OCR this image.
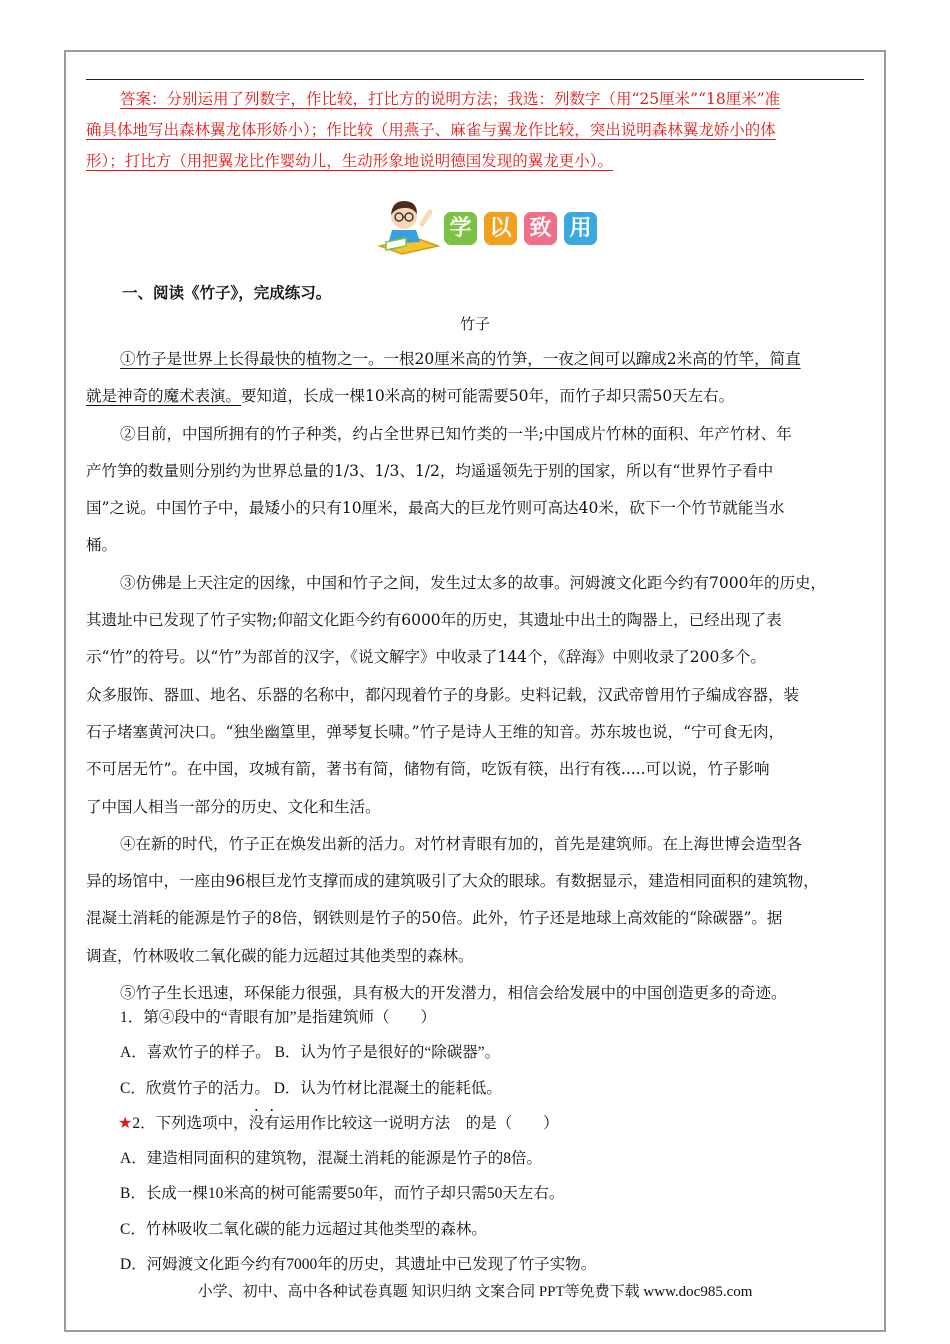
答案：分别运用了列数字，作比较，打比方的说明方法；我选：列数字（用“25厘米”“18厘米”准
确具体地写出森林翼龙体形娇小）；作比较（用燕子、麻雀与翼龙作比较，突出说明森林翼龙娇小的体
形）；打比方（用把翼龙比作婴幼儿，生动形象地说明德国发现的翼龙更小）。
学 以 致 用
一、阅读《竹子》，完成练习。
竹子
①竹子是世界上长得最快的植物之一。一根20厘米高的竹笋，一夜之间可以蹿成2米高的竹竿，简直
就是神奇的魔术表演。要知道，长成一棵10米高的树可能需要50年，而竹子却只需50天左右。
②目前，中国所拥有的竹子种类，约占全世界已知竹类的一半;中国成片竹林的面积、年产竹材、年
产竹笋的数量则分别约为世界总量的1/3、1/3、1/2，均遥遥领先于别的国家，所以有“世界竹子看中
国”之说。中国竹子中，最矮小的只有10厘米，最高大的巨龙竹则可高达40米，砍下一个竹节就能当水
桶。
③仿佛是上天注定的因缘，中国和竹子之间，发生过太多的故事。河姆渡文化距今约有7000年的历史，
其遗址中已发现了竹子实物;仰韶文化距今约有6000年的历史，其遗址中出土的陶器上，已经出现了表
示“竹”的符号。以“竹”为部首的汉字，《说文解字》中收录了144个，《辞海》中则收录了200多个。
众多服饰、器皿、地名、乐器的名称中，都闪现着竹子的身影。史料记载，汉武帝曾用竹子编成容器，装
石子堵塞黄河决口。“独坐幽篁里，弹琴复长啸。”竹子是诗人王维的知音。苏东坡也说，“宁可食无肉，
不可居无竹”。在中国，攻城有箭，著书有简，储物有筒，吃饭有筷，出行有筏.....可以说，竹子影响
了中国人相当一部分的历史、文化和生活。
④在新的时代，竹子正在焕发出新的活力。对竹材青眼有加的，首先是建筑师。在上海世博会造型各
异的场馆中，一座由96根巨龙竹支撑而成的建筑吸引了大众的眼球。有数据显示，建造相同面积的建筑物，
混凝土消耗的能源是竹子的8倍，钢铁则是竹子的50倍。此外，竹子还是地球上高效能的“除碳器”。据
调查，竹林吸收二氧化碳的能力远超过其他类型的森林。
⑤竹子生长迅速，环保能力很强，具有极大的开发潜力，相信会给发展中的中国创造更多的奇迹。
1．第④段中的“青眼有加”是指建筑师（　　）
A．喜欢竹子的样子。 B．认为竹子是很好的“除碳器”。
C．欣赏竹子的活力。 D．认为竹材比混凝土的能耗低。
★2．下列选项中，没有运用作比较这一说明方法　的是（　　）
A．建造相同面积的建筑物，混凝土消耗的能源是竹子的8倍。
B．长成一棵10米高的树可能需要50年，而竹子却只需50天左右。
C．竹林吸收二氧化碳的能力远超过其他类型的森林。
D．河姆渡文化距今约有7000年的历史，其遗址中已发现了竹子实物。
小学、初中、高中各种试卷真题 知识归纳 文案合同 PPT等免费下载 www.doc985.com
